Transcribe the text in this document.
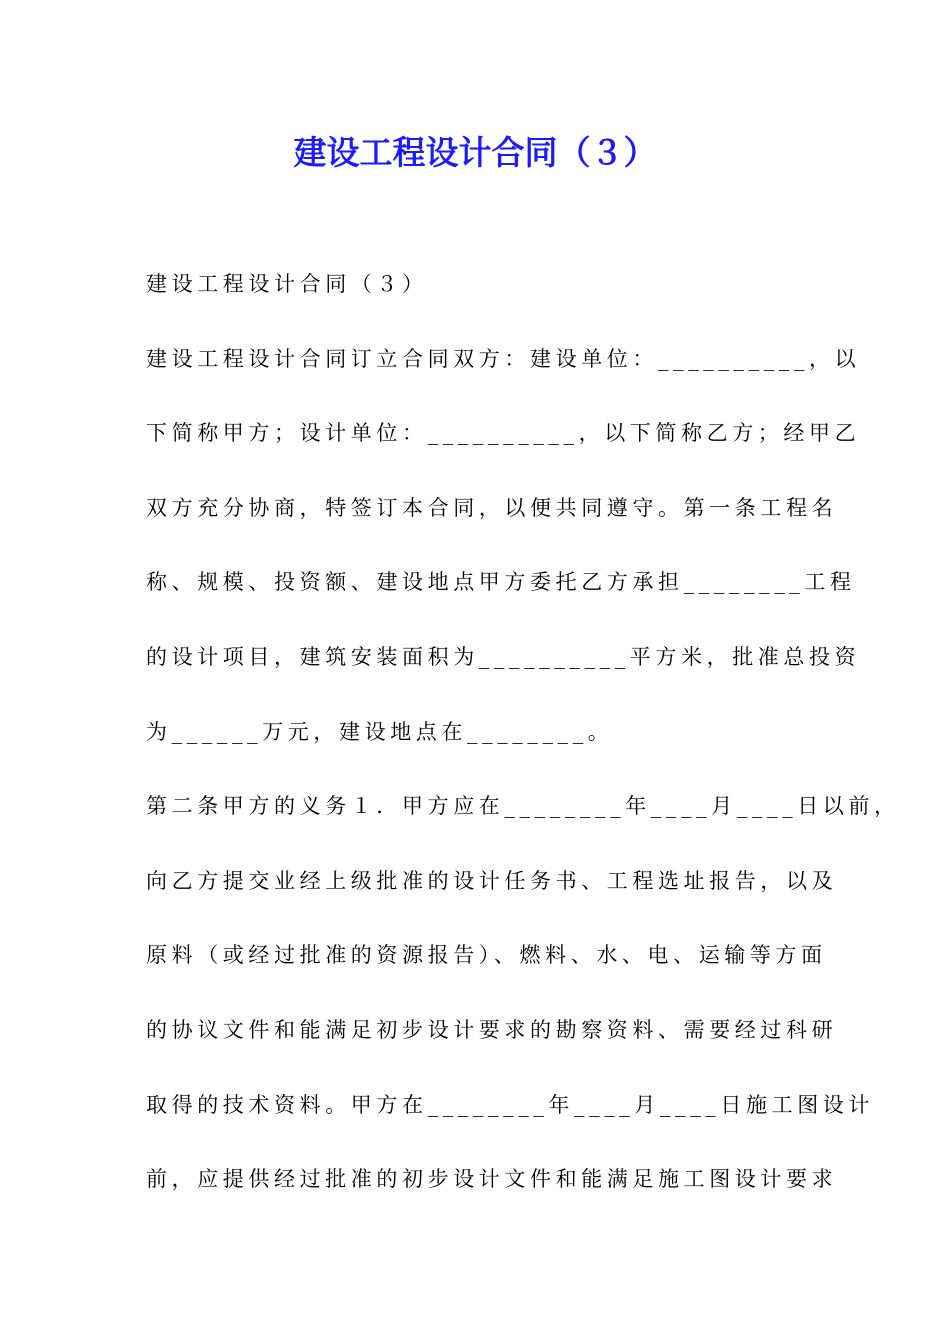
建设工程设计合同（３）
建设工程设计合同（３）
建设工程设计合同订立合同双方：建设单位：__________，以
下简称甲方；设计单位：__________，以下简称乙方；经甲乙
双方充分协商，特签订本合同，以便共同遵守。第一条工程名
称、规模、投资额、建设地点甲方委托乙方承担________工程
的设计项目，建筑安装面积为__________平方米，批准总投资
为______万元，建设地点在________。
第二条甲方的义务１．甲方应在________年____月____日以前，
向乙方提交业经上级批准的设计任务书、工程选址报告，以及
原料（或经过批准的资源报告）、燃料、水、电、运输等方面
的协议文件和能满足初步设计要求的勘察资料、需要经过科研
取得的技术资料。甲方在________年____月____日施工图设计
前，应提供经过批准的初步设计文件和能满足施工图设计要求
